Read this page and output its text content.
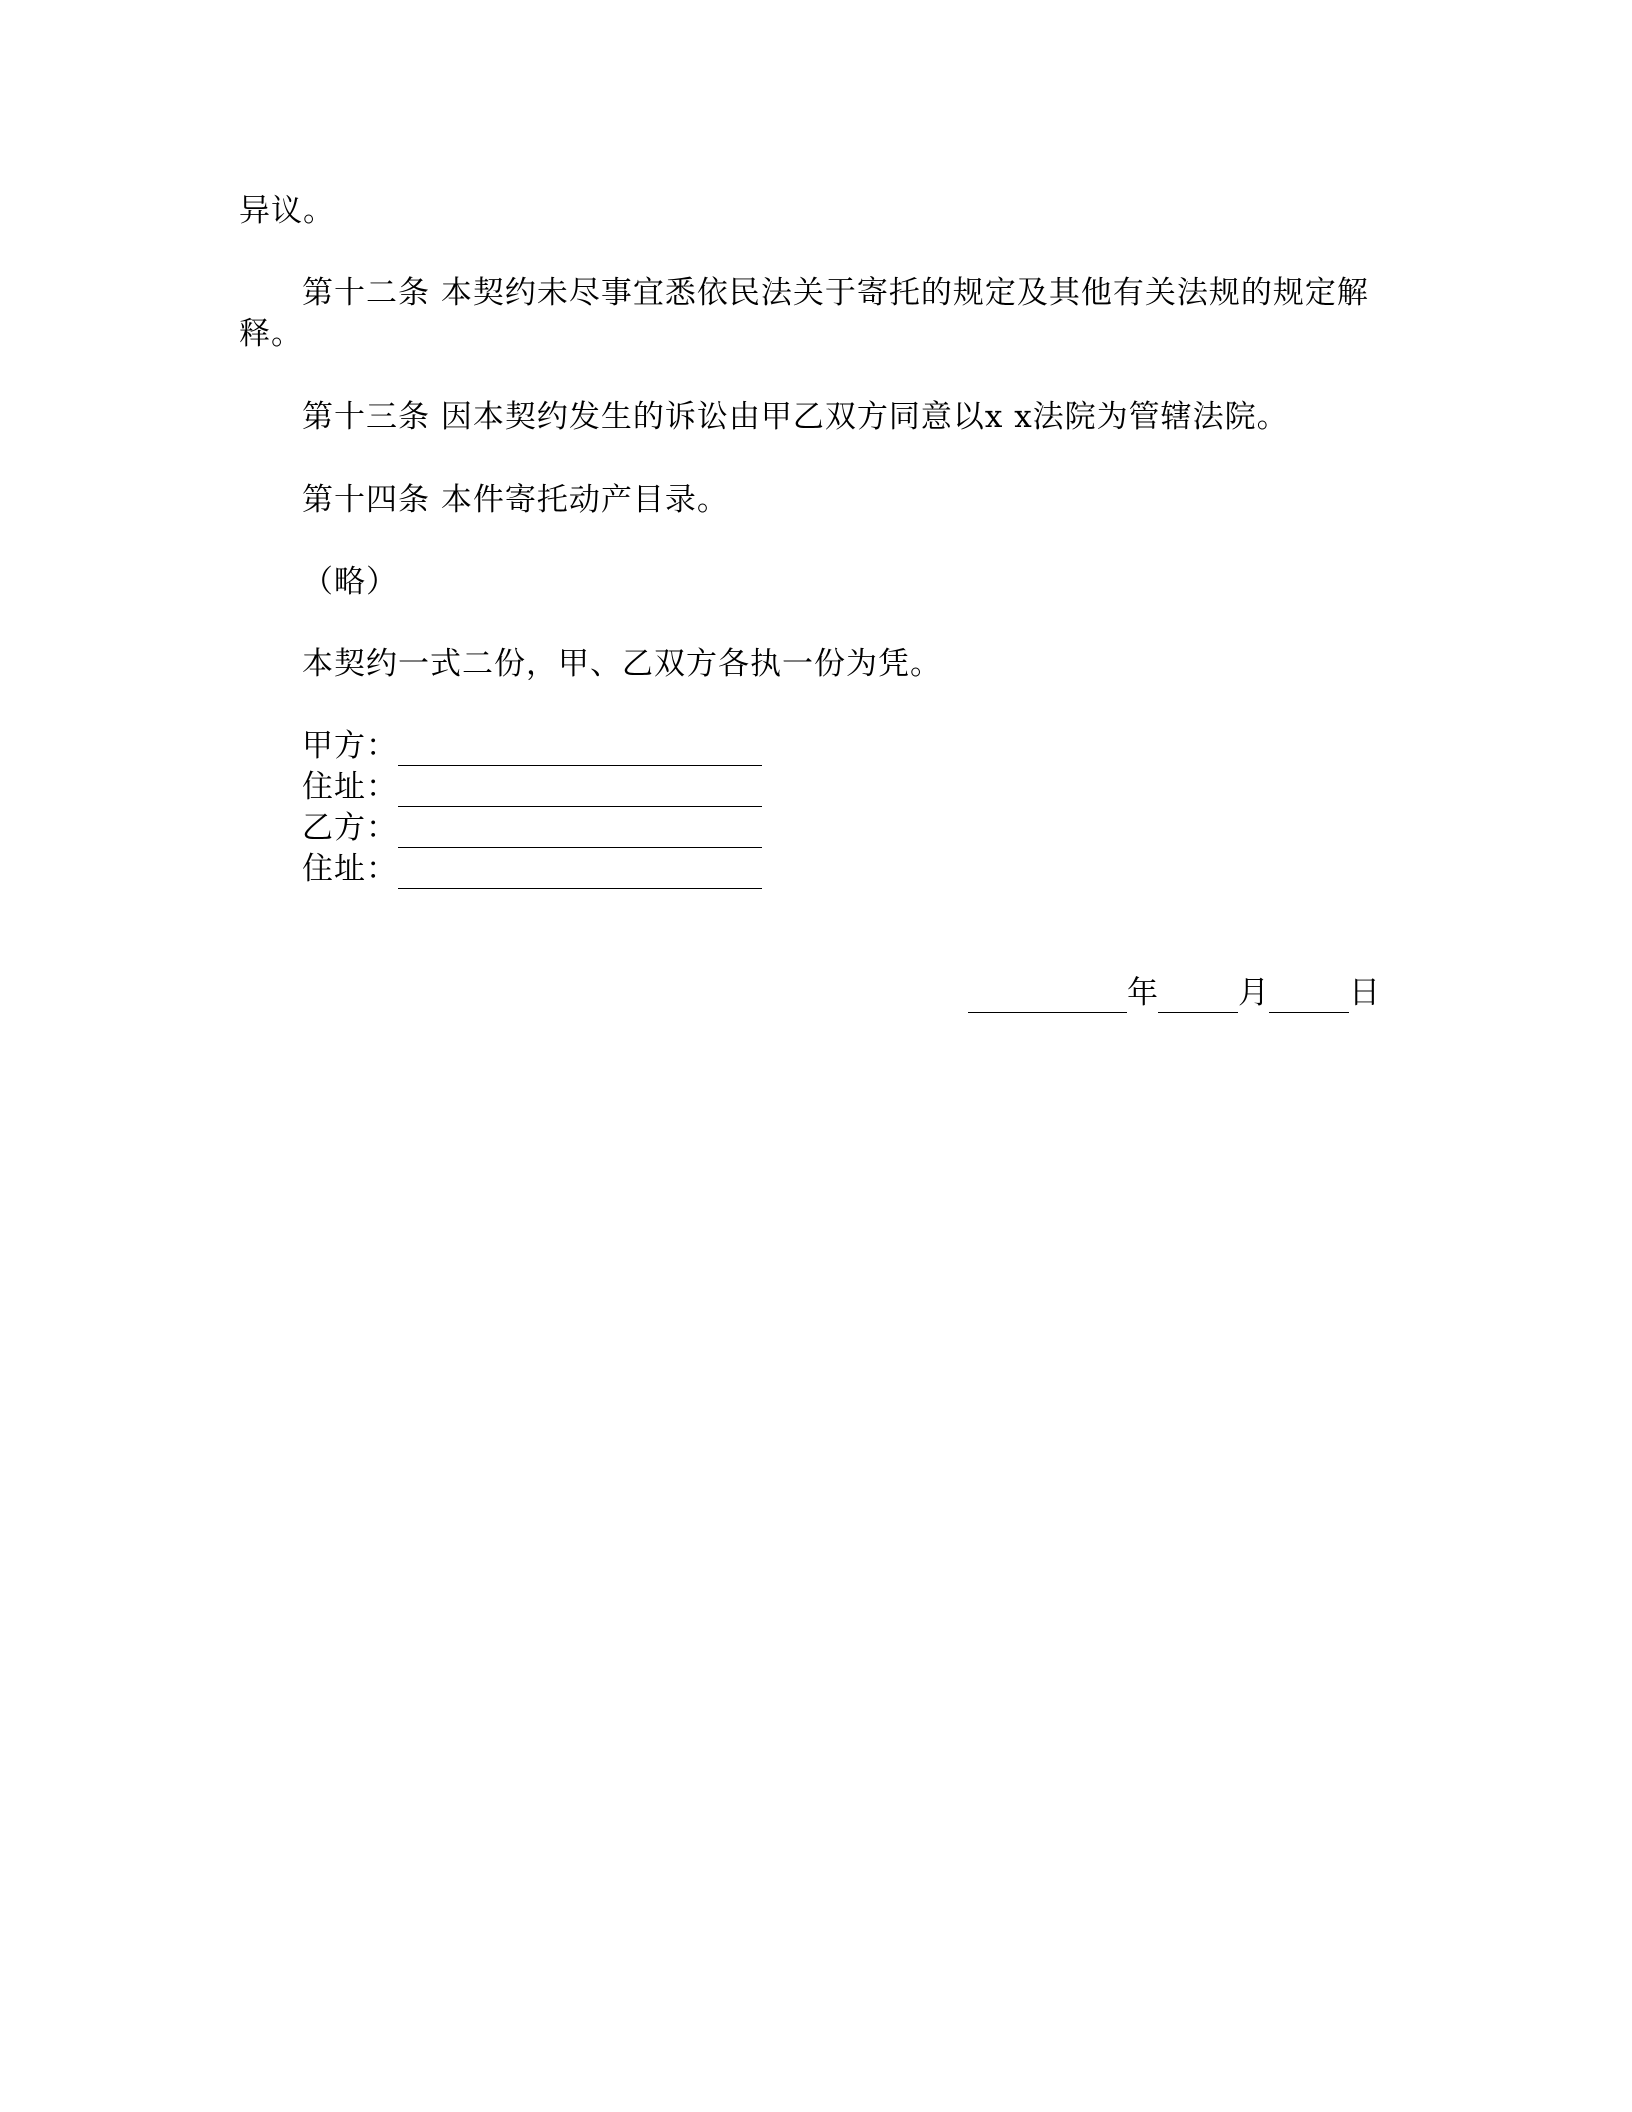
异议。
第十二条 本契约未尽事宜悉依民法关于寄托的规定及其他有关法规的规定解
释。
第十三条 因本契约发生的诉讼由甲乙双方同意以x x法院为管辖法院。
第十四条 本件寄托动产目录。
（略）
本契约一式二份，甲、乙双方各执一份为凭。
甲方：
住址：
乙方：
住址：
年	月	日
